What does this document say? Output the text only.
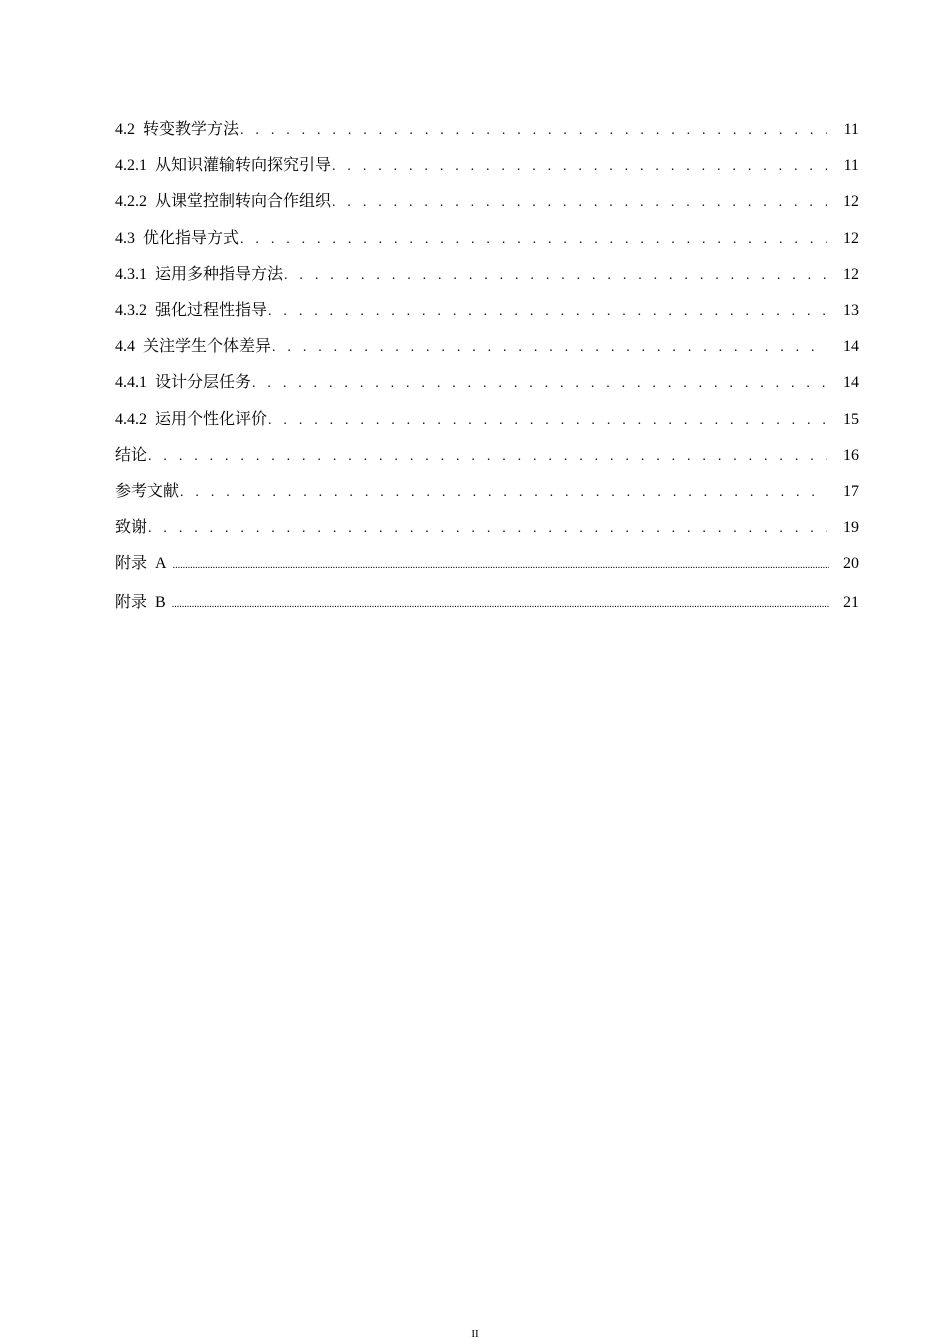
4.2  转变教学方法 . . .	11
4.2.1  从知识灌输转向探究引导 . . .	11
4.2.2  从课堂控制转向合作组织 . . .	12
4.3  优化指导方式 . . .	12
4.3.1  运用多种指导方法 . . .	12
4.3.2  强化过程性指导 . . .	13
4.4  关注学生个体差异 . . .	14
4.4.1  设计分层任务 . . .	14
4.4.2  运用个性化评价 . . .	15
结论 . . .	16
参考文献 . . .	17
致谢 . . .	19
附录  A .....	20
附录  B .....	21
II
